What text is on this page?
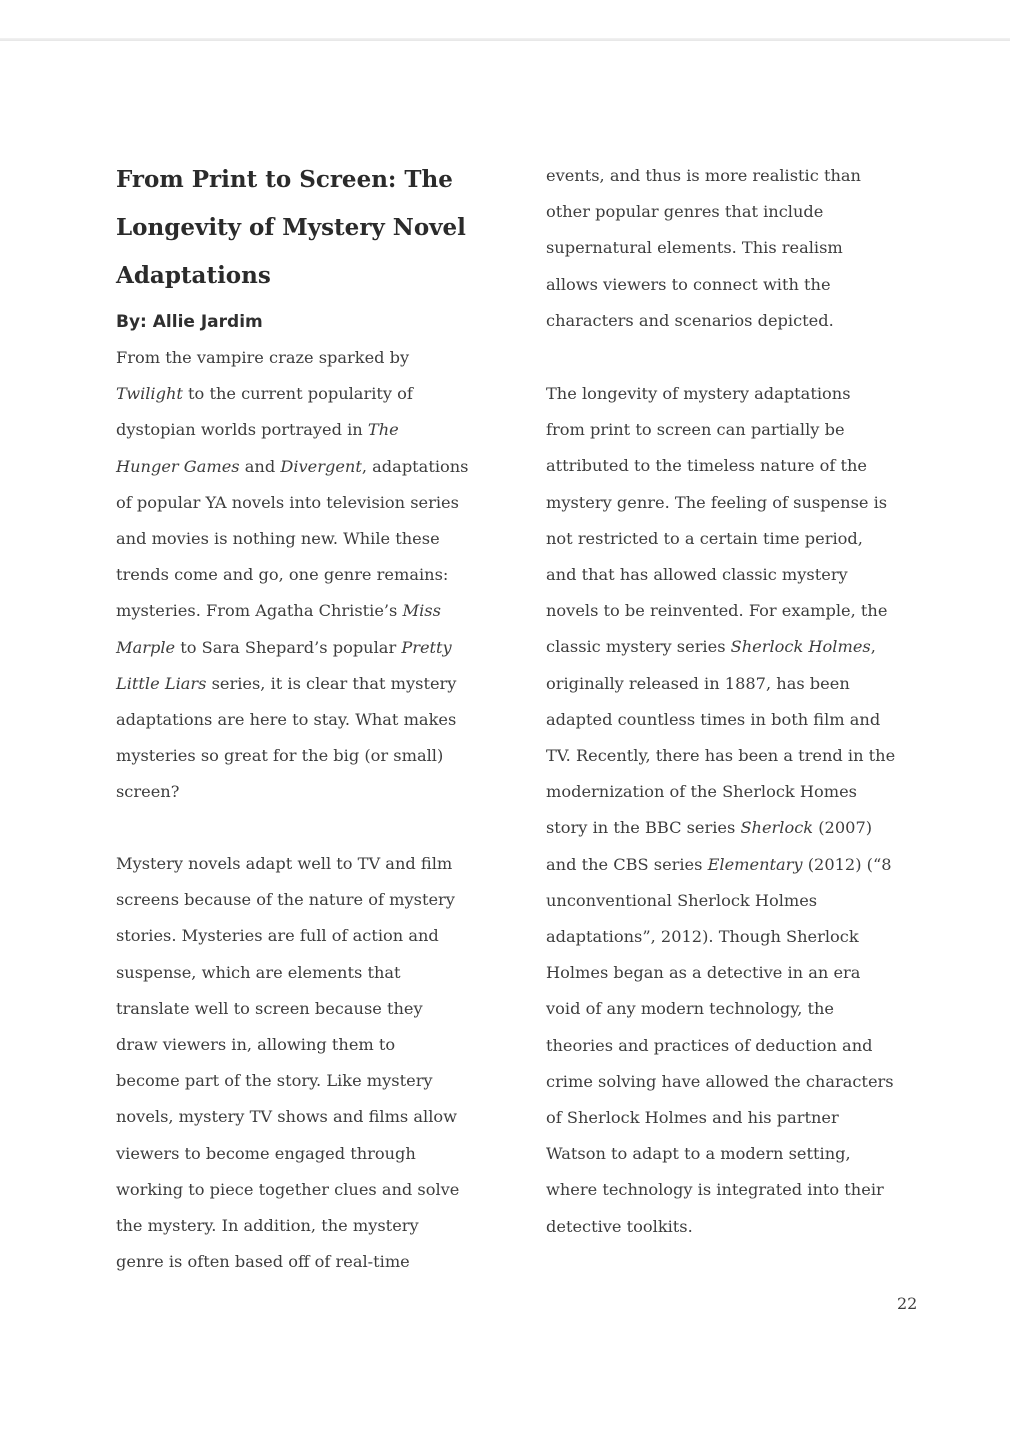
From Print to Screen: The
Longevity of Mystery Novel
Adaptations

By: Allie Jardim

From the vampire craze sparked by
Twilight to the current popularity of
dystopian worlds portrayed in The
Hunger Games and Divergent, adaptations
of popular YA novels into television series
and movies is nothing new. While these
trends come and go, one genre remains:
mysteries. From Agatha Christie’s Miss
Marple to Sara Shepard’s popular Pretty
Little Liars series, it is clear that mystery
adaptations are here to stay. What makes
mysteries so great for the big (or small)
screen?

Mystery novels adapt well to TV and film
screens because of the nature of mystery
stories. Mysteries are full of action and
suspense, which are elements that
translate well to screen because they
draw viewers in, allowing them to
become part of the story. Like mystery
novels, mystery TV shows and films allow
viewers to become engaged through
working to piece together clues and solve
the mystery. In addition, the mystery
genre is often based off of real-time

events, and thus is more realistic than
other popular genres that include
supernatural elements. This realism
allows viewers to connect with the
characters and scenarios depicted.

The longevity of mystery adaptations
from print to screen can partially be
attributed to the timeless nature of the
mystery genre. The feeling of suspense is
not restricted to a certain time period,
and that has allowed classic mystery
novels to be reinvented. For example, the
classic mystery series Sherlock Holmes,
originally released in 1887, has been
adapted countless times in both film and
TV. Recently, there has been a trend in the
modernization of the Sherlock Homes
story in the BBC series Sherlock (2007)
and the CBS series Elementary (2012) (“8
unconventional Sherlock Holmes
adaptations”, 2012). Though Sherlock
Holmes began as a detective in an era
void of any modern technology, the
theories and practices of deduction and
crime solving have allowed the characters
of Sherlock Holmes and his partner
Watson to adapt to a modern setting,
where technology is integrated into their
detective toolkits.

22
